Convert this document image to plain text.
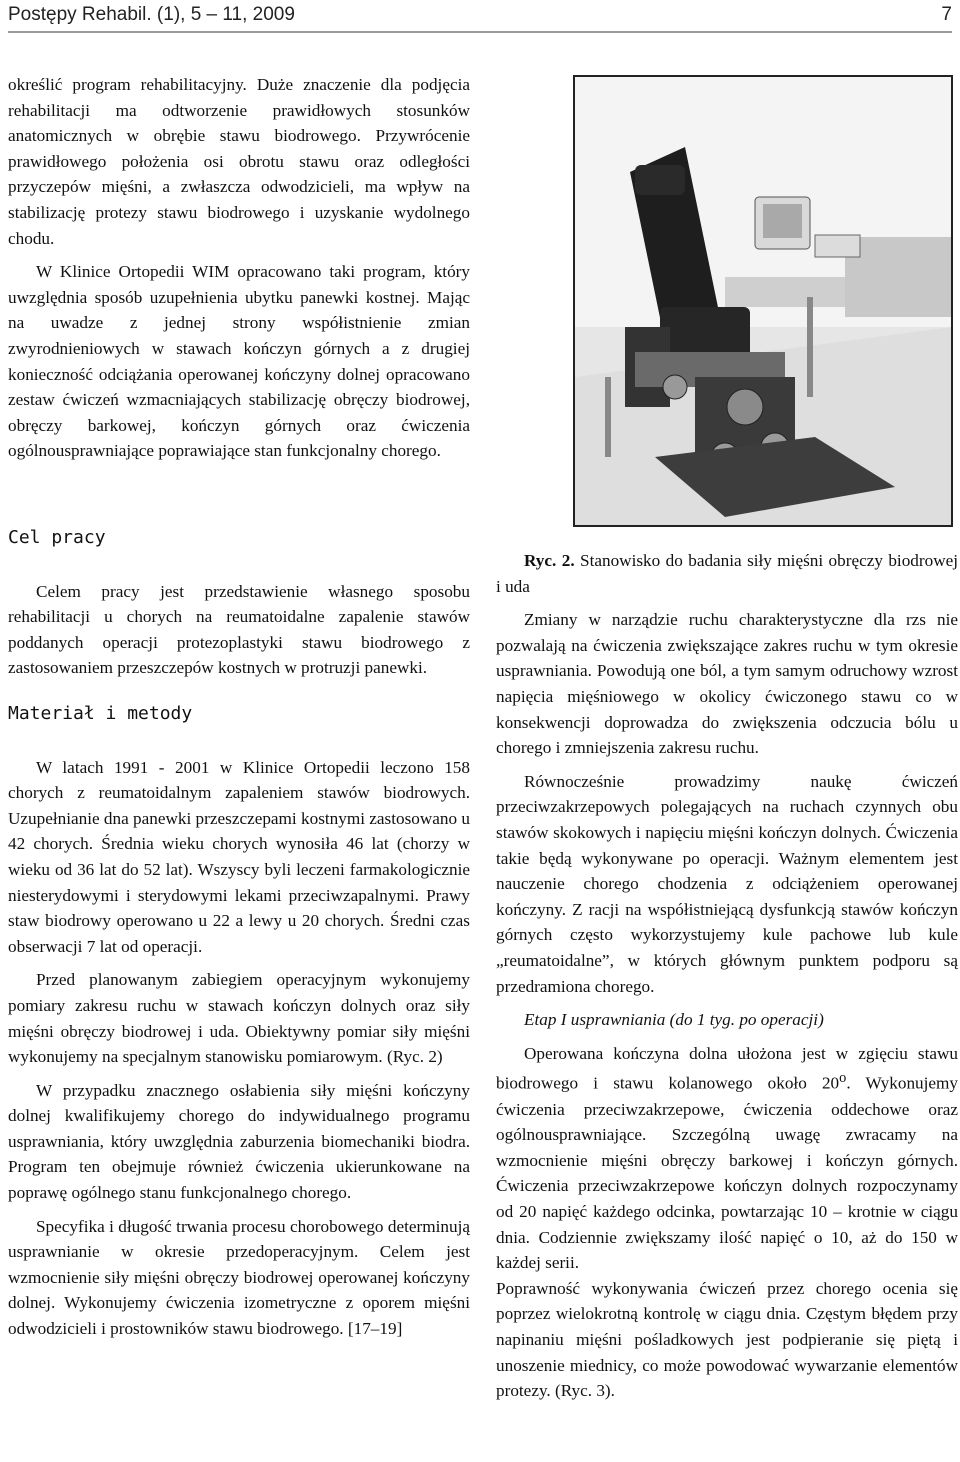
Postępy Rehabil. (1), 5 – 11, 2009	7

określić program rehabilitacyjny. Duże znaczenie dla podjęcia rehabilitacji ma odtworzenie prawidłowych stosunków anatomicznych w obrębie stawu biodrowego. Przywrócenie prawidłowego położenia osi obrotu stawu oraz odległości przyczepów mięśni, a zwłaszcza odwodzicieli, ma wpływ na stabilizację protezy stawu biodrowego i uzyskanie wydolnego chodu.

W Klinice Ortopedii WIM opracowano taki program, który uwzględnia sposób uzupełnienia ubytku panewki kostnej. Mając na uwadze z jednej strony współistnienie zmian zwyrodnieniowych w stawach kończyn górnych a z drugiej konieczność odciążania operowanej kończyny dolnej opracowano zestaw ćwiczeń wzmacniających stabilizację obręczy biodrowej, obręczy barkowej, kończyn górnych oraz ćwiczenia ogólnousprawniające poprawiające stan funkcjonalny chorego.

Cel pracy

Celem pracy jest przedstawienie własnego sposobu rehabilitacji u chorych na reumatoidalne zapalenie stawów poddanych operacji protezoplastyki stawu biodrowego z zastosowaniem przeszczepów kostnych w protruzji panewki.

Materiał i metody

W latach 1991 - 2001 w Klinice Ortopedii leczono 158 chorych z reumatoidalnym zapaleniem stawów biodrowych. Uzupełnianie dna panewki przeszczepami kostnymi zastosowano u 42 chorych. Średnia wieku chorych wynosiła 46 lat (chorzy w wieku od 36 lat do 52 lat). Wszyscy byli leczeni farmakologicznie niesterydowymi i sterydowymi lekami przeciwzapalnymi. Prawy staw biodrowy operowano u 22 a lewy u 20 chorych. Średni czas obserwacji 7 lat od operacji.

Przed planowanym zabiegiem operacyjnym wykonujemy pomiary zakresu ruchu w stawach kończyn dolnych oraz siły mięśni obręczy biodrowej i uda. Obiektywny pomiar siły mięśni wykonujemy na specjalnym stanowisku pomiarowym. (Ryc. 2)

W przypadku znacznego osłabienia siły mięśni kończyny dolnej kwalifikujemy chorego do indywidualnego programu usprawniania, który uwzględnia zaburzenia biomechaniki biodra. Program ten obejmuje również ćwiczenia ukierunkowane na poprawę ogólnego stanu funkcjonalnego chorego.

Specyfika i długość trwania procesu chorobowego determinują usprawnianie w okresie przedoperacyjnym. Celem jest wzmocnienie siły mięśni obręczy biodrowej operowanej kończyny dolnej. Wykonujemy ćwiczenia izometryczne z oporem mięśni odwodzicieli i prostowników stawu biodrowego. [17–19]

Ryc. 2. Stanowisko do badania siły mięśni obręczy biodrowej i uda

Zmiany w narządzie ruchu charakterystyczne dla rzs nie pozwalają na ćwiczenia zwiększające zakres ruchu w tym okresie usprawniania. Powodują one ból, a tym samym odruchowy wzrost napięcia mięśniowego w okolicy ćwiczonego stawu co w konsekwencji doprowadza do zwiększenia odczucia bólu u chorego i zmniejszenia zakresu ruchu.

Równocześnie prowadzimy naukę ćwiczeń przeciwzakrzepowych polegających na ruchach czynnych obu stawów skokowych i napięciu mięśni kończyn dolnych. Ćwiczenia takie będą wykonywane po operacji. Ważnym elementem jest nauczenie chorego chodzenia z odciążeniem operowanej kończyny. Z racji na współistniejącą dysfunkcją stawów kończyn górnych często wykorzystujemy kule pachowe lub kule „reumatoidalne”, w których głównym punktem podporu są przedramiona chorego.

Etap I usprawniania (do 1 tyg. po operacji)

Operowana kończyna dolna ułożona jest w zgięciu stawu biodrowego i stawu kolanowego około 20$^o$. Wykonujemy ćwiczenia przeciwzakrzepowe, ćwiczenia oddechowe oraz ogólnousprawniające. Szczególną uwagę zwracamy na wzmocnienie mięśni obręczy barkowej i kończyn górnych. Ćwiczenia przeciwzakrzepowe kończyn dolnych rozpoczynamy od 20 napięć każdego odcinka, powtarzając 10 – krotnie w ciągu dnia. Codziennie zwiększamy ilość napięć o 10, aż do 150 w każdej serii.

Poprawność wykonywania ćwiczeń przez chorego ocenia się poprzez wielokrotną kontrolę w ciągu dnia. Częstym błędem przy napinaniu mięśni pośladkowych jest podpieranie się piętą i unoszenie miednicy, co może powodować wywarzanie elementów protezy. (Ryc. 3).
